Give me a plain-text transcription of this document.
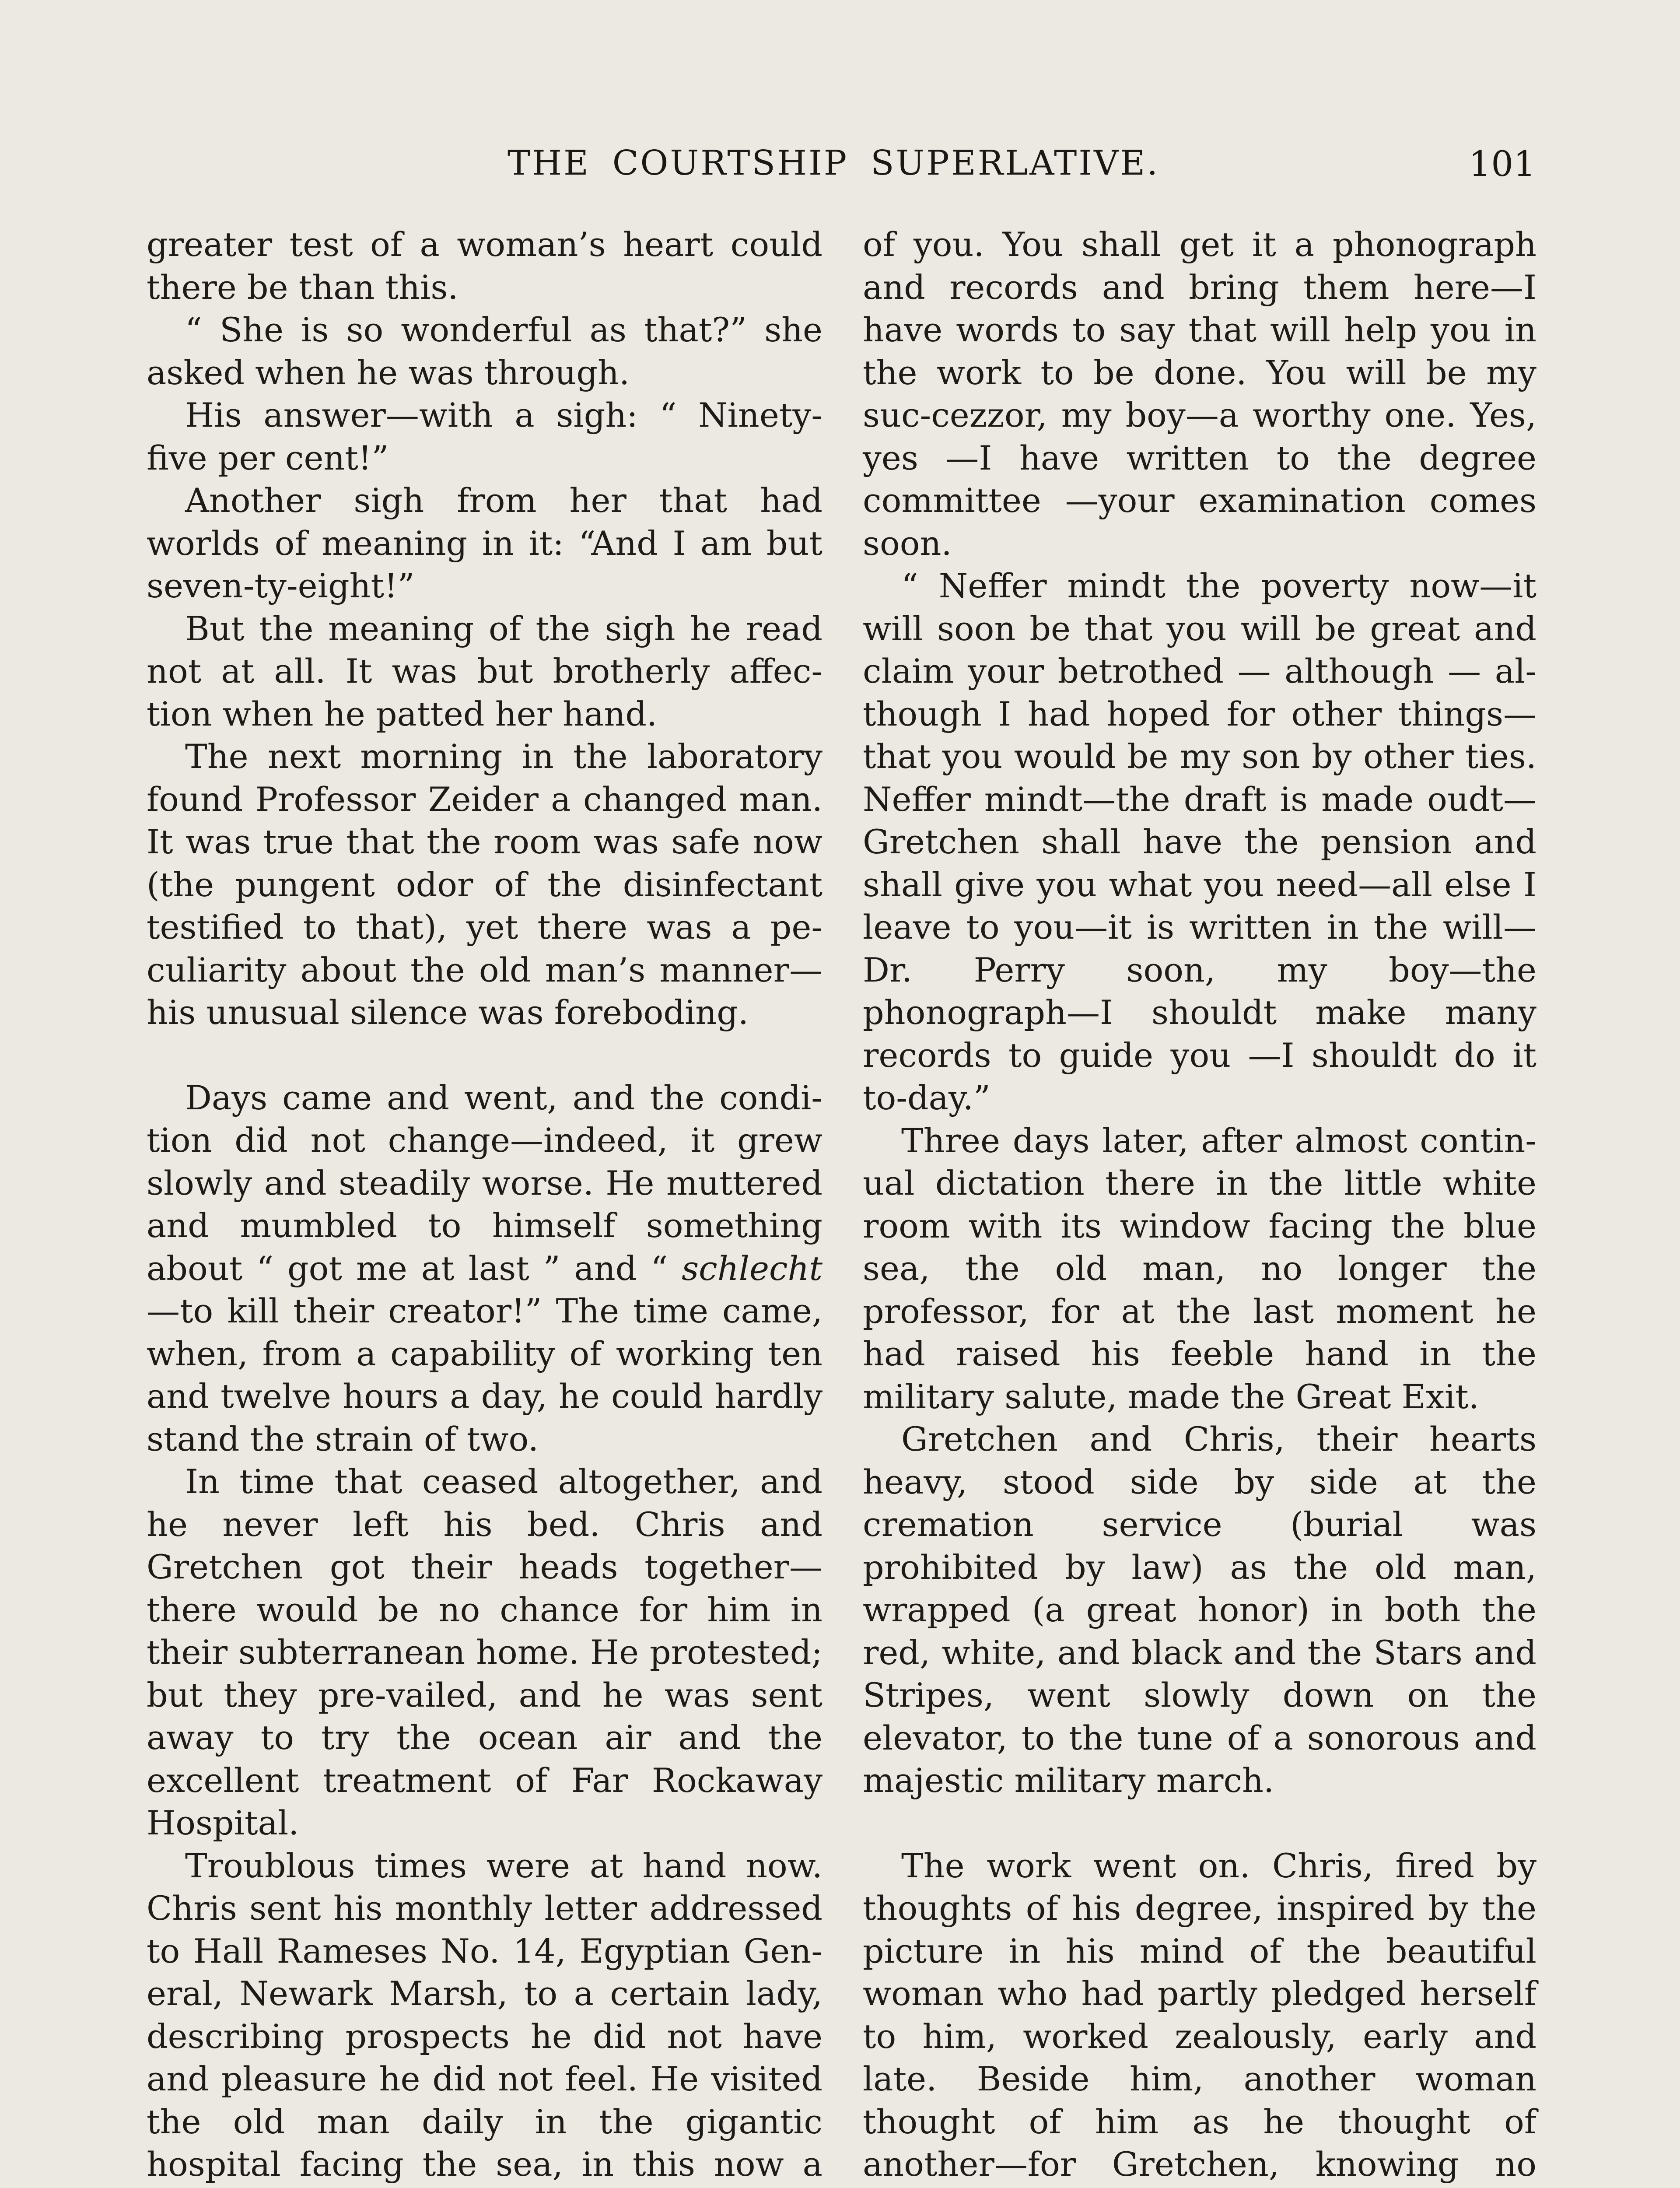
THE COURTSHIP SUPERLATIVE.	101

greater test of a woman’s heart could there be than this.

“ She is so wonderful as that?” she asked when he was through.

His answer—with a sigh: “ Ninety-five per cent!”

Another sigh from her that had worlds of meaning in it: “And I am but seven-ty-eight!”

But the meaning of the sigh he read not at all. It was but brotherly affec-tion when he patted her hand.

The next morning in the laboratory found Professor Zeider a changed man. It was true that the room was safe now (the pungent odor of the disinfectant testified to that), yet there was a pe-culiarity about the old man’s manner—his unusual silence was foreboding.

Days came and went, and the condi-tion did not change—indeed, it grew slowly and steadily worse. He muttered and mumbled to himself something about “ got me at last ” and “ schlecht—to kill their creator!” The time came, when, from a capability of working ten and twelve hours a day, he could hardly stand the strain of two.

In time that ceased altogether, and he never left his bed. Chris and Gretchen got their heads together—there would be no chance for him in their subterranean home. He protested; but they pre-vailed, and he was sent away to try the ocean air and the excellent treatment of Far Rockaway Hospital.

Troublous times were at hand now. Chris sent his monthly letter addressed to Hall Rameses No. 14, Egyptian Gen-eral, Newark Marsh, to a certain lady, describing prospects he did not have and pleasure he did not feel. He visited the old man daily in the gigantic hospital facing the sea, in this now a

of you. You shall get it a phonograph and records and bring them here—I have words to say that will help you in the work to be done. You will be my suc-cezzor, my boy—a worthy one. Yes, yes —I have written to the degree committee —your examination comes soon.

“ Neffer mindt the poverty now—it will soon be that you will be great and claim your betrothed — although — al-though I had hoped for other things—that you would be my son by other ties. Neffer mindt—the draft is made oudt—Gretchen shall have the pension and shall give you what you need—all else I leave to you—it is written in the will—Dr. Perry soon, my boy—the phonograph—I shouldt make many records to guide you —I shouldt do it to-day.”

Three days later, after almost contin-ual dictation there in the little white room with its window facing the blue sea, the old man, no longer the professor, for at the last moment he had raised his feeble hand in the military salute, made the Great Exit.

Gretchen and Chris, their hearts heavy, stood side by side at the cremation service (burial was prohibited by law) as the old man, wrapped (a great honor) in both the red, white, and black and the Stars and Stripes, went slowly down on the elevator, to the tune of a sonorous and majestic military march.

The work went on. Chris, fired by thoughts of his degree, inspired by the picture in his mind of the beautiful woman who had partly pledged herself to him, worked zealously, early and late. Beside him, another woman thought of him as he thought of another—for Gretchen, knowing no
